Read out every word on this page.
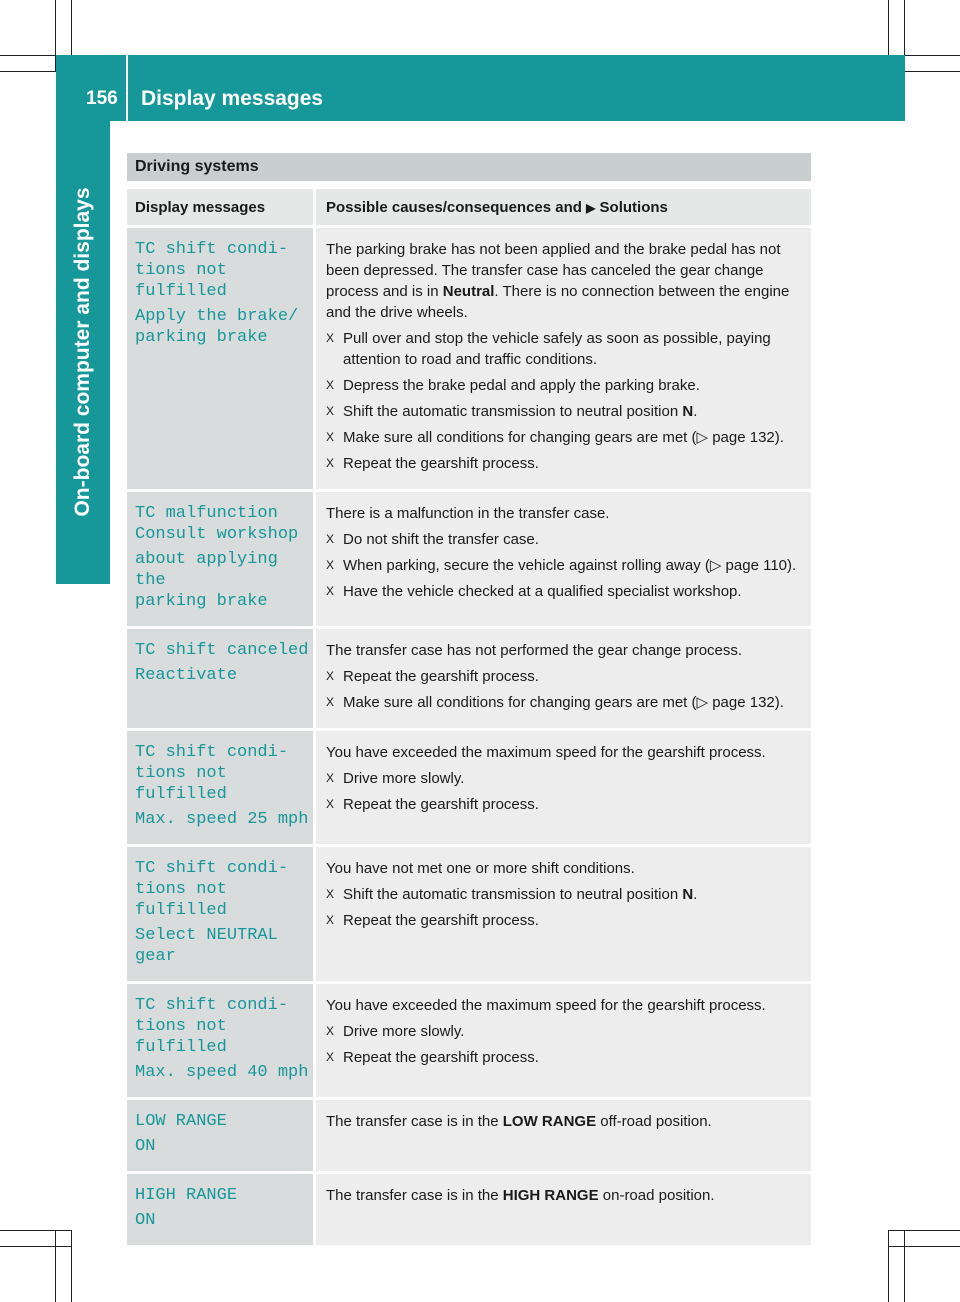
156 Display messages
On-board computer and displays
Driving systems
Display messages	Possible causes/consequences and ▶ Solutions
TC shift condi‐
tions not fulfilled
Apply the brake/
parking brake

The parking brake has not been applied and the brake pedal has not been depressed. The transfer case has canceled the gear change process and is in Neutral. There is no connection between the engine and the drive wheels.

X Pull over and stop the vehicle safely as soon as possible, paying attention to road and traffic conditions.
X Depress the brake pedal and apply the parking brake.
X Shift the automatic transmission to neutral position N.
X Make sure all conditions for changing gears are met (▷ page 132).
X Repeat the gearshift process.
TC malfunction
Consult workshop
about applying the
parking brake

There is a malfunction in the transfer case.

X Do not shift the transfer case.
X When parking, secure the vehicle against rolling away (▷ page 110).
X Have the vehicle checked at a qualified specialist workshop.
TC shift canceled
Reactivate

The transfer case has not performed the gear change process.

X Repeat the gearshift process.
X Make sure all conditions for changing gears are met (▷ page 132).
TC shift condi‐
tions not fulfilled
Max. speed 25 mph

You have exceeded the maximum speed for the gearshift process.

X Drive more slowly.
X Repeat the gearshift process.
TC shift condi‐
tions not fulfilled
Select NEUTRAL gear

You have not met one or more shift conditions.

X Shift the automatic transmission to neutral position N.
X Repeat the gearshift process.
TC shift condi‐
tions not fulfilled
Max. speed 40 mph

You have exceeded the maximum speed for the gearshift process.

X Drive more slowly.
X Repeat the gearshift process.
LOW RANGE
ON

The transfer case is in the LOW RANGE off-road position.

HIGH RANGE
ON

The transfer case is in the HIGH RANGE on-road position.
